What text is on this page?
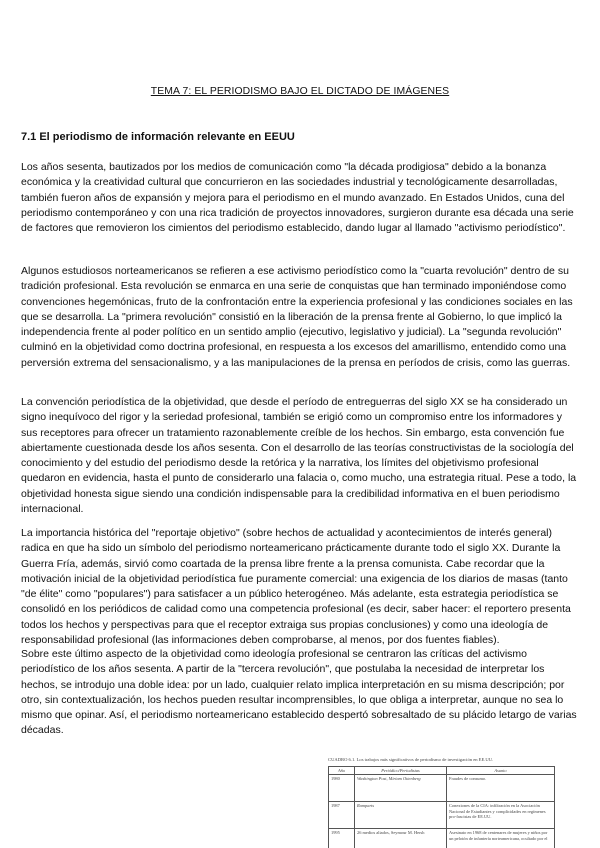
TEMA 7: EL PERIODISMO BAJO EL DICTADO DE IMÁGENES
7.1 El periodismo de información relevante en EEUU

Los años sesenta, bautizados por los medios de comunicación como "la década prodigiosa" debido a la bonanza económica y la creatividad cultural que concurrieron en las sociedades industrial y tecnológicamente desarrolladas, también fueron años de expansión y mejora para el periodismo en el mundo avanzado. En Estados Unidos, cuna del periodismo contemporáneo y con una rica tradición de proyectos innovadores, surgieron durante esa década una serie de factores que removieron los cimientos del periodismo establecido, dando lugar al llamado "activismo periodístico".

Algunos estudiosos norteamericanos se refieren a ese activismo periodístico como la "cuarta revolución" dentro de su tradición profesional. Esta revolución se enmarca en una serie de conquistas que han terminado imponiéndose como convenciones hegemónicas, fruto de la confrontación entre la experiencia profesional y las condiciones sociales en las que se desarrolla. La "primera revolución" consistió en la liberación de la prensa frente al Gobierno, lo que implicó la independencia frente al poder político en un sentido amplio (ejecutivo, legislativo y judicial). La "segunda revolución" culminó en la objetividad como doctrina profesional, en respuesta a los excesos del amarillismo, entendido como una perversión extrema del sensacionalismo, y a las manipulaciones de la prensa en períodos de crisis, como las guerras.

La convención periodística de la objetividad, que desde el período de entreguerras del siglo XX se ha considerado un signo inequívoco del rigor y la seriedad profesional, también se erigió como un compromiso entre los informadores y sus receptores para ofrecer un tratamiento razonablemente creíble de los hechos. Sin embargo, esta convención fue abiertamente cuestionada desde los años sesenta. Con el desarrollo de las teorías constructivistas de la sociología del conocimiento y del estudio del periodismo desde la retórica y la narrativa, los límites del objetivismo profesional quedaron en evidencia, hasta el punto de considerarlo una falacia o, como mucho, una estrategia ritual. Pese a todo, la objetividad honesta sigue siendo una condición indispensable para la credibilidad informativa en el buen periodismo internacional.

La importancia histórica del "reportaje objetivo" (sobre hechos de actualidad y acontecimientos de interés general) radica en que ha sido un símbolo del periodismo norteamericano prácticamente durante todo el siglo XX. Durante la Guerra Fría, además, sirvió como coartada de la prensa libre frente a la prensa comunista. Cabe recordar que la motivación inicial de la objetividad periodística fue puramente comercial: una exigencia de los diarios de masas (tanto "de élite" como "populares") para satisfacer a un público heterogéneo. Más adelante, esta estrategia periodística se consolidó en los periódicos de calidad como una competencia profesional (es decir, saber hacer: el reportero presenta todos los hechos y perspectivas para que el receptor extraiga sus propias conclusiones) y como una ideología de responsabilidad profesional (las informaciones deben comprobarse, al menos, por dos fuentes fiables).

Sobre este último aspecto de la objetividad como ideología profesional se centraron las críticas del activismo periodístico de los años sesenta. A partir de la "tercera revolución", que postulaba la necesidad de interpretar los hechos, se introdujo una doble idea: por un lado, cualquier relato implica interpretación en su misma descripción; por otro, sin contextualización, los hechos pueden resultar incomprensibles, lo que obliga a interpretar, aunque no sea lo mismo que opinar. Así, el periodismo norteamericano establecido despertó sobresaltado de su plácido letargo de varias décadas.

CUADRO 6.1. Los trabajos más significativos de periodismo de investigación en EE.UU.
Año	Periódico/Periodistas	Asunto
1980	Washington Post, Miriam Ottenberg	Fraudes de consumo.
1987	Ramparts	Conexiones de la CIA: infiltración en la Asociación Nacional de Estudiantes y complicidades en regímenes pro-fascistas de EE.UU.
1995	26 medios aliados, Seymour M. Hersh	Asesinato en 1968 de centenares de mujeres y niños por un pelotón de infantería norteamericana, ocultado por el
